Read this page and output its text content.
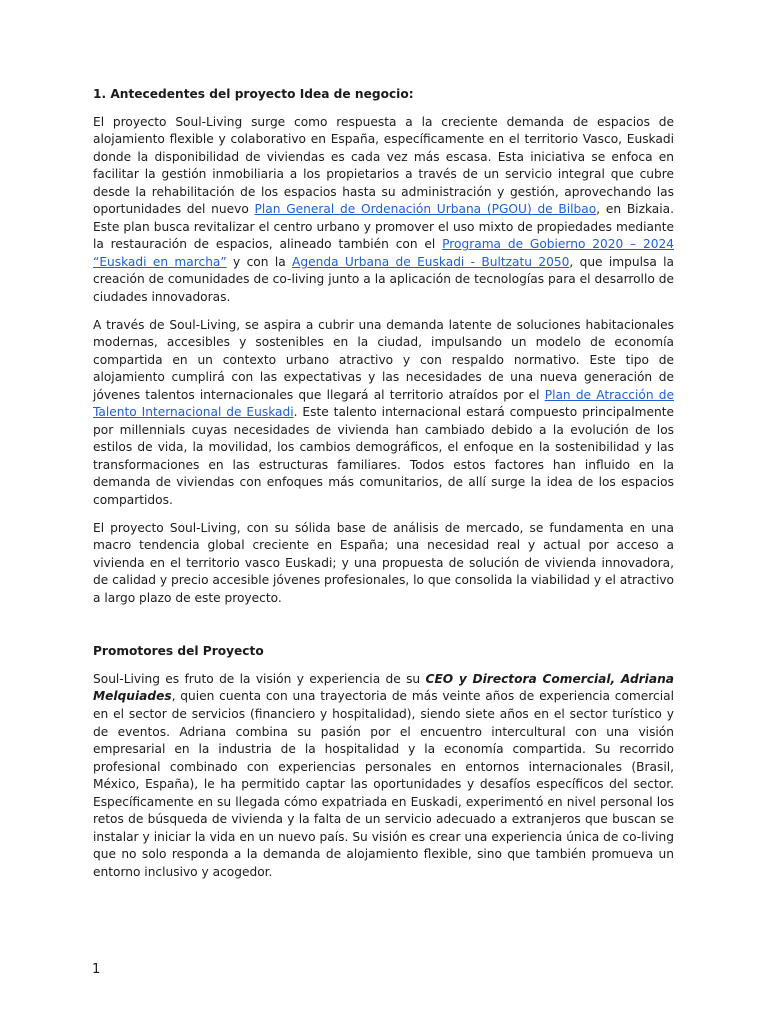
1. Antecedentes del proyecto Idea de negocio:

El proyecto Soul-Living surge como respuesta a la creciente demanda de espacios de alojamiento flexible y colaborativo en España, específicamente en el territorio Vasco, Euskadi donde la disponibilidad de viviendas es cada vez más escasa. Esta iniciativa se enfoca en facilitar la gestión inmobiliaria a los propietarios a través de un servicio integral que cubre desde la rehabilitación de los espacios hasta su administración y gestión, aprovechando las oportunidades del nuevo Plan General de Ordenación Urbana (PGOU) de Bilbao, en Bizkaia. Este plan busca revitalizar el centro urbano y promover el uso mixto de propiedades mediante la restauración de espacios, alineado también con el Programa de Gobierno 2020 – 2024 “Euskadi en marcha” y con la Agenda Urbana de Euskadi - Bultzatu 2050, que impulsa la creación de comunidades de co-living junto a la aplicación de tecnologías para el desarrollo de ciudades innovadoras.

A través de Soul-Living, se aspira a cubrir una demanda latente de soluciones habitacionales modernas, accesibles y sostenibles en la ciudad, impulsando un modelo de economía compartida en un contexto urbano atractivo y con respaldo normativo. Este tipo de alojamiento cumplirá con las expectativas y las necesidades de una nueva generación de jóvenes talentos internacionales que llegará al territorio atraídos por el Plan de Atracción de Talento Internacional de Euskadi. Este talento internacional estará compuesto principalmente por millennials cuyas necesidades de vivienda han cambiado debido a la evolución de los estilos de vida, la movilidad, los cambios demográficos, el enfoque en la sostenibilidad y las transformaciones en las estructuras familiares. Todos estos factores han influido en la demanda de viviendas con enfoques más comunitarios, de allí surge la idea de los espacios compartidos.

El proyecto Soul-Living, con su sólida base de análisis de mercado, se fundamenta en una macro tendencia global creciente en España; una necesidad real y actual por acceso a vivienda en el territorio vasco Euskadi; y una propuesta de solución de vivienda innovadora, de calidad y precio accesible jóvenes profesionales, lo que consolida la viabilidad y el atractivo a largo plazo de este proyecto.

Promotores del Proyecto

Soul-Living es fruto de la visión y experiencia de su CEO y Directora Comercial, Adriana Melquiades, quien cuenta con una trayectoria de más veinte años de experiencia comercial en el sector de servicios (financiero y hospitalidad), siendo siete años en el sector turístico y de eventos. Adriana combina su pasión por el encuentro intercultural con una visión empresarial en la industria de la hospitalidad y la economía compartida. Su recorrido profesional combinado con experiencias personales en entornos internacionales (Brasil, México, España), le ha permitido captar las oportunidades y desafíos específicos del sector. Específicamente en su llegada cómo expatriada en Euskadi, experimentó en nivel personal los retos de búsqueda de vivienda y la falta de un servicio adecuado a extranjeros que buscan se instalar y iniciar la vida en un nuevo país. Su visión es crear una experiencia única de co-living que no solo responda a la demanda de alojamiento flexible, sino que también promueva un entorno inclusivo y acogedor.

1
